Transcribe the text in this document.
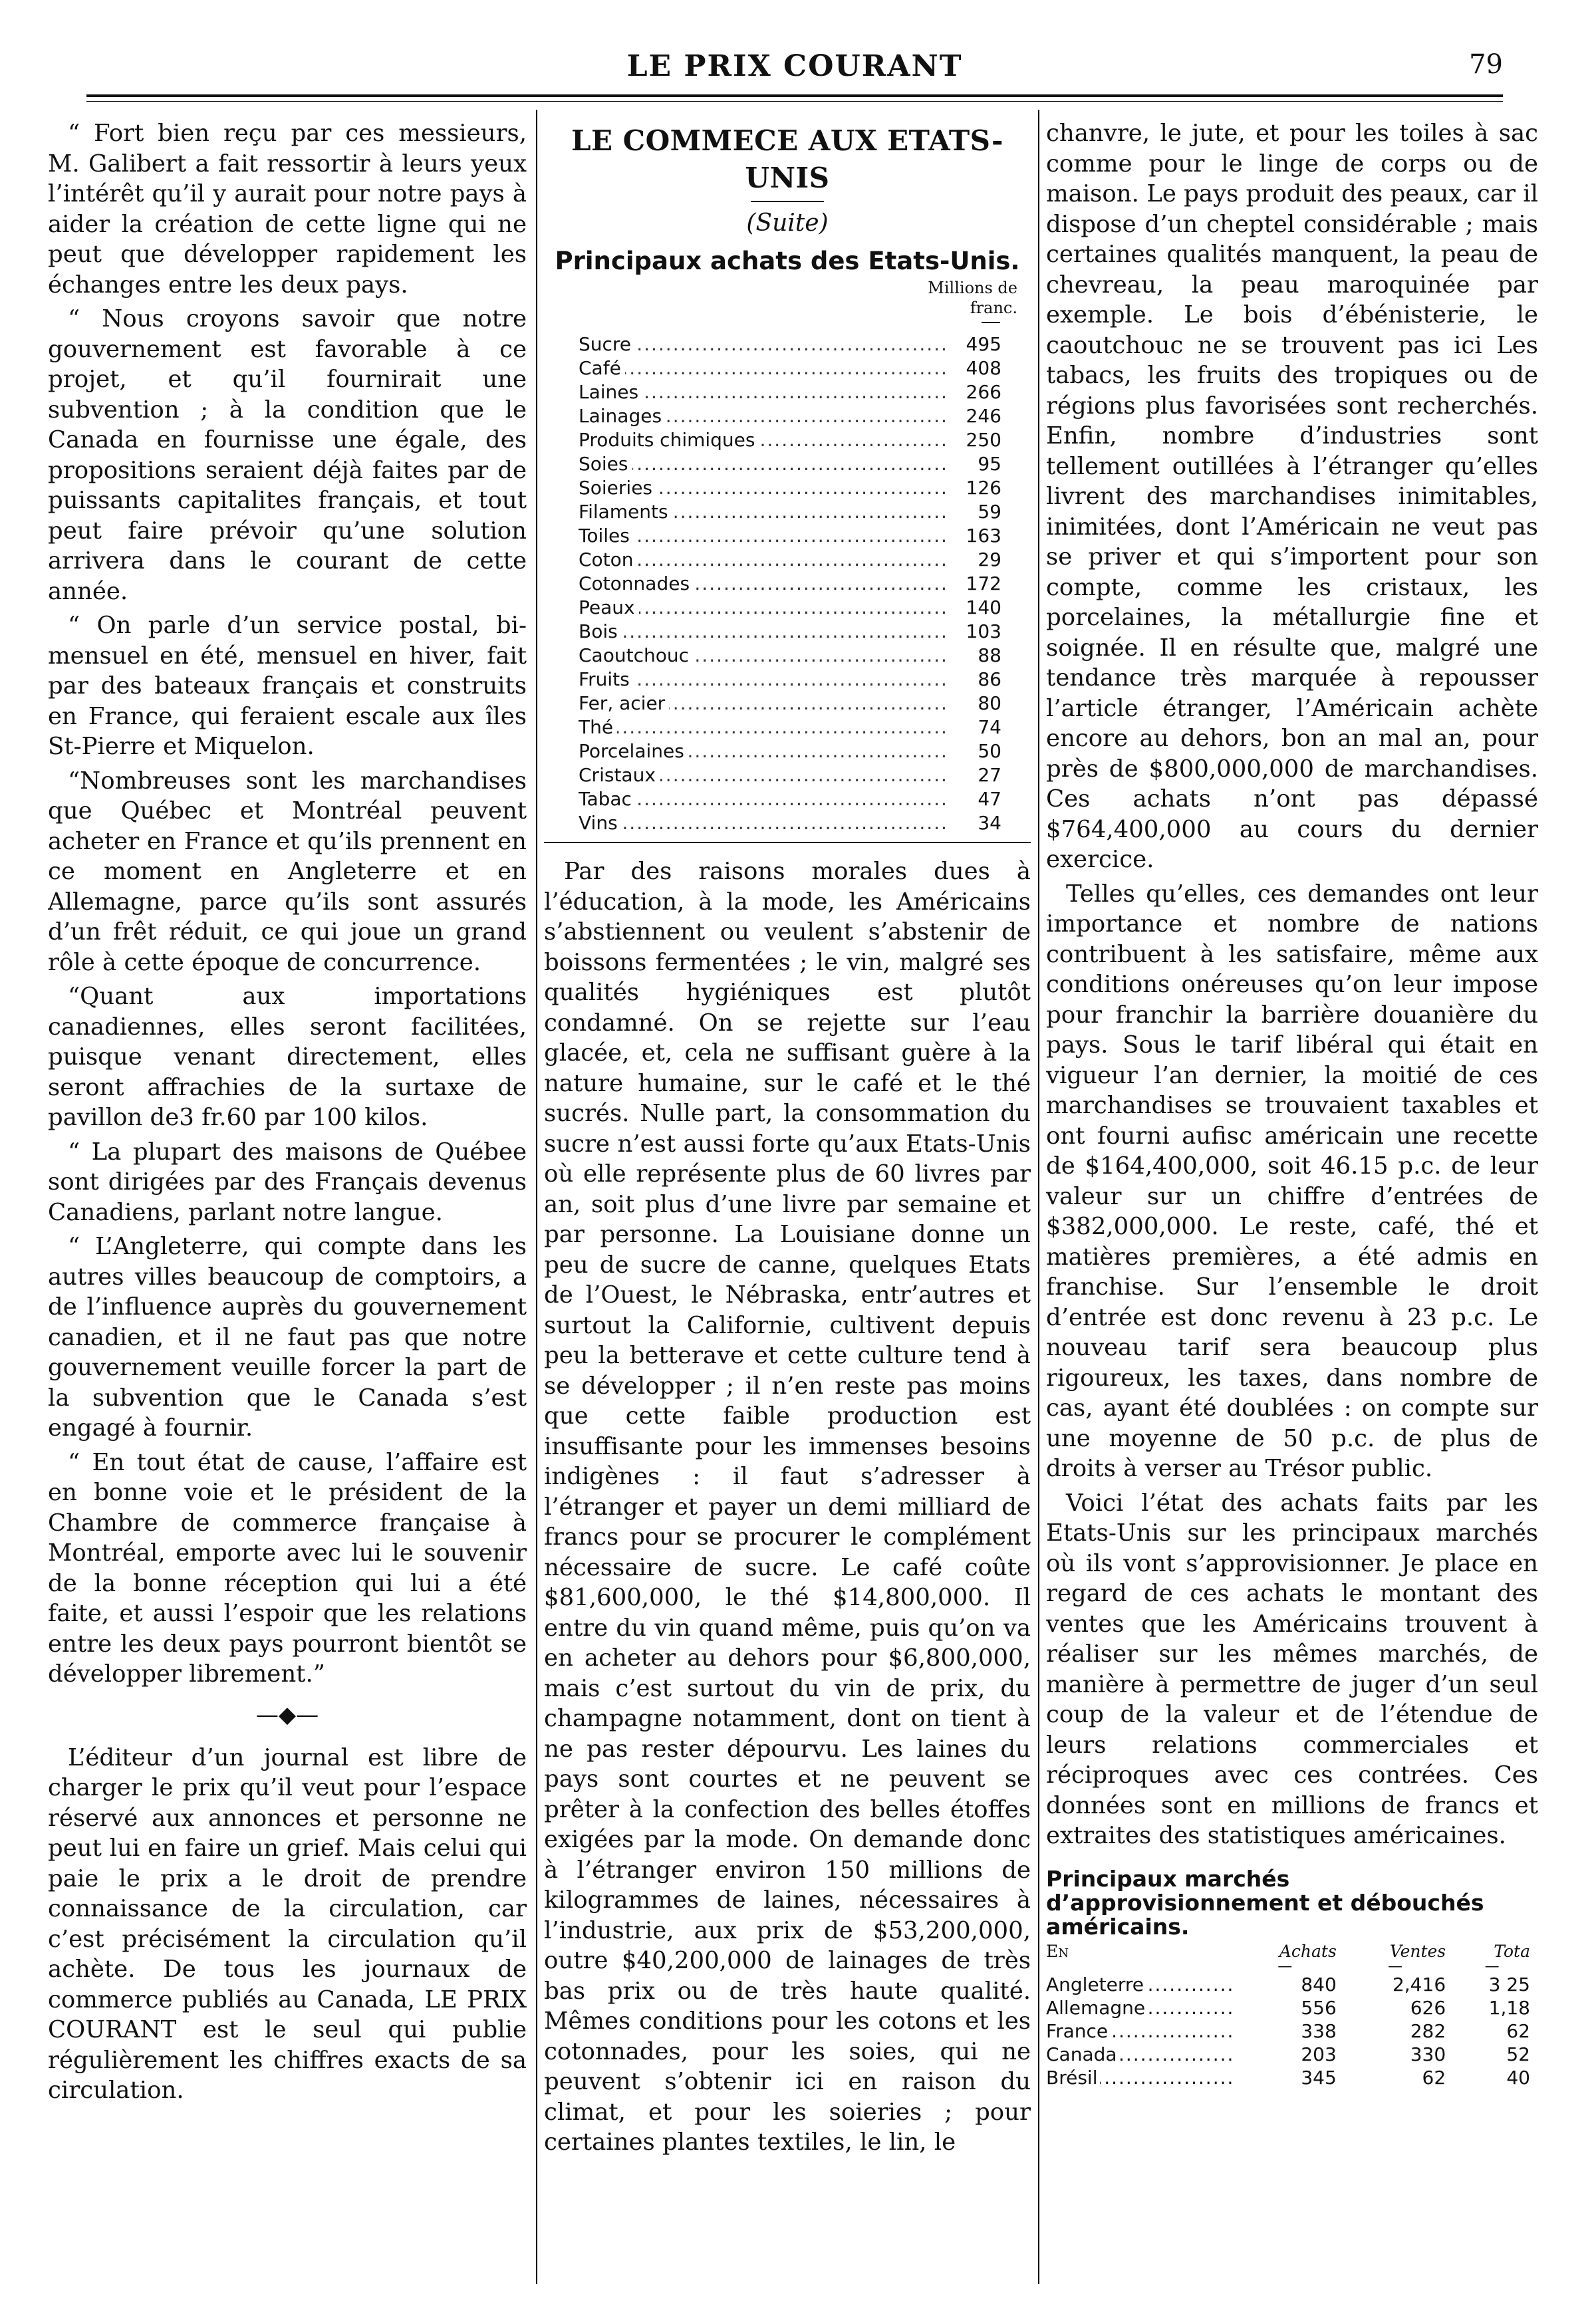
LE PRIX COURANT	79

“ Fort bien reçu par ces messieurs, M. Galibert a fait ressortir à leurs yeux l’intérêt qu’il y aurait pour notre pays à aider la création de cette ligne qui ne peut que développer rapidement les échanges entre les deux pays.

“ Nous croyons savoir que notre gouvernement est favorable à ce projet, et qu’il fournirait une subvention ; à la condition que le Canada en fournisse une égale, des propositions seraient déjà faites par de puissants capitalites français, et tout peut faire prévoir qu’une solution arrivera dans le courant de cette année.

“ On parle d’un service postal, bi-mensuel en été, mensuel en hiver, fait par des bateaux français et construits en France, qui feraient escale aux îles St-Pierre et Miquelon.

“Nombreuses sont les marchandises que Québec et Montréal peuvent acheter en France et qu’ils prennent en ce moment en Angleterre et en Allemagne, parce qu’ils sont assurés d’un frêt réduit, ce qui joue un grand rôle à cette époque de concurrence.

“Quant aux importations canadiennes, elles seront facilitées, puisque venant directement, elles seront affrachies de la surtaxe de pavillon de3 fr.60 par 100 kilos.

“ La plupart des maisons de Québee sont dirigées par des Français devenus Canadiens, parlant notre langue.

“ L’Angleterre, qui compte dans les autres villes beaucoup de comptoirs, a de l’influence auprès du gouvernement canadien, et il ne faut pas que notre gouvernement veuille forcer la part de la subvention que le Canada s’est engagé à fournir.

“ En tout état de cause, l’affaire est en bonne voie et le président de la Chambre de commerce française à Montréal, emporte avec lui le souvenir de la bonne réception qui lui a été faite, et aussi l’espoir que les relations entre les deux pays pourront bientôt se développer librement.”

—◆—

L’éditeur d’un journal est libre de charger le prix qu’il veut pour l’espace réservé aux annonces et personne ne peut lui en faire un grief. Mais celui qui paie le prix a le droit de prendre connaissance de la circulation, car c’est précisément la circulation qu’il achète. De tous les journaux de commerce publiés au Canada, LE PRIX COURANT est le seul qui publie régulièrement les chiffres exacts de sa circulation.

LE COMMECE AUX ETATS-UNIS
(Suite)
Principaux achats des Etats-Unis.
Millions de
franc.
Sucre .....	495
Café .....	408
Laines .....	266
Lainages .....	246
Produits chimiques .....	250
Soies .....	95
Soieries .....	126
Filaments .....	59
Toiles .....	163
Coton .....	29
Cotonnades .....	172
Peaux .....	140
Bois .....	103
Caoutchouc .....	88
Fruits .....	86
Fer, acier .....	80
Thé .....	74
Porcelaines .....	50
Cristaux .....	27
Tabac .....	47
Vins .....	34

Par des raisons morales dues à l’éducation, à la mode, les Américains s’abstiennent ou veulent s’abstenir de boissons fermentées ; le vin, malgré ses qualités hygiéniques est plutôt condamné. On se rejette sur l’eau glacée, et, cela ne suffisant guère à la nature humaine, sur le café et le thé sucrés. Nulle part, la consommation du sucre n’est aussi forte qu’aux Etats-Unis où elle représente plus de 60 livres par an, soit plus d’une livre par semaine et par personne. La Louisiane donne un peu de sucre de canne, quelques Etats de l’Ouest, le Nébraska, entr’autres et surtout la Californie, cultivent depuis peu la betterave et cette culture tend à se développer ; il n’en reste pas moins que cette faible production est insuffisante pour les immenses besoins indigènes : il faut s’adresser à l’étranger et payer un demi milliard de francs pour se procurer le complément nécessaire de sucre. Le café coûte $81,600,000, le thé $14,800,000. Il entre du vin quand même, puis qu’on va en acheter au dehors pour $6,800,000, mais c’est surtout du vin de prix, du champagne notamment, dont on tient à ne pas rester dépourvu. Les laines du pays sont courtes et ne peuvent se prêter à la confection des belles étoffes exigées par la mode. On demande donc à l’étranger environ 150 millions de kilogrammes de laines, nécessaires à l’industrie, aux prix de $53,200,000, outre $40,200,000 de lainages de très bas prix ou de très haute qualité. Mêmes conditions pour les cotons et les cotonnades, pour les soies, qui ne peuvent s’obtenir ici en raison du climat, et pour les soieries ; pour certaines plantes textiles, le lin, le

chanvre, le jute, et pour les toiles à sac comme pour le linge de corps ou de maison. Le pays produit des peaux, car il dispose d’un cheptel considérable ; mais certaines qualités manquent, la peau de chevreau, la peau maroquinée par exemple. Le bois d’ébénisterie, le caoutchouc ne se trouvent pas ici Les tabacs, les fruits des tropiques ou de régions plus favorisées sont recherchés. Enfin, nombre d’industries sont tellement outillées à l’étranger qu’elles livrent des marchandises inimitables, inimitées, dont l’Américain ne veut pas se priver et qui s’importent pour son compte, comme les cristaux, les porcelaines, la métallurgie fine et soignée. Il en résulte que, malgré une tendance très marquée à repousser l’article étranger, l’Américain achète encore au dehors, bon an mal an, pour près de $800,000,000 de marchandises. Ces achats n’ont pas dépassé $764,400,000 au cours du dernier exercice.

Telles qu’elles, ces demandes ont leur importance et nombre de nations contribuent à les satisfaire, même aux conditions onéreuses qu’on leur impose pour franchir la barrière douanière du pays. Sous le tarif libéral qui était en vigueur l’an dernier, la moitié de ces marchandises se trouvaient taxables et ont fourni aufisc américain une recette de $164,400,000, soit 46.15 p.c. de leur valeur sur un chiffre d’entrées de $382,000,000. Le reste, café, thé et matières premières, a été admis en franchise. Sur l’ensemble le droit d’entrée est donc revenu à 23 p.c. Le nouveau tarif sera beaucoup plus rigoureux, les taxes, dans nombre de cas, ayant été doublées : on compte sur une moyenne de 50 p.c. de plus de droits à verser au Trésor public.

Voici l’état des achats faits par les Etats-Unis sur les principaux marchés où ils vont s’approvisionner. Je place en regard de ces achats le montant des ventes que les Américains trouvent à réaliser sur les mêmes marchés, de manière à permettre de juger d’un seul coup de la valeur et de l’étendue de leurs relations commerciales et réciproques avec ces contrées. Ces données sont en millions de francs et extraites des statistiques américaines.

Principaux marchés d’approvisionnement et débouchés américains.
En	Achats	Ventes	Tota
	—	—	—
Angleterre .....	840	2,416	3 25
Allemagne .....	556	626	1,18
France .....	338	282	62
Canada .....	203	330	52
Brésil .....	345	62	40
